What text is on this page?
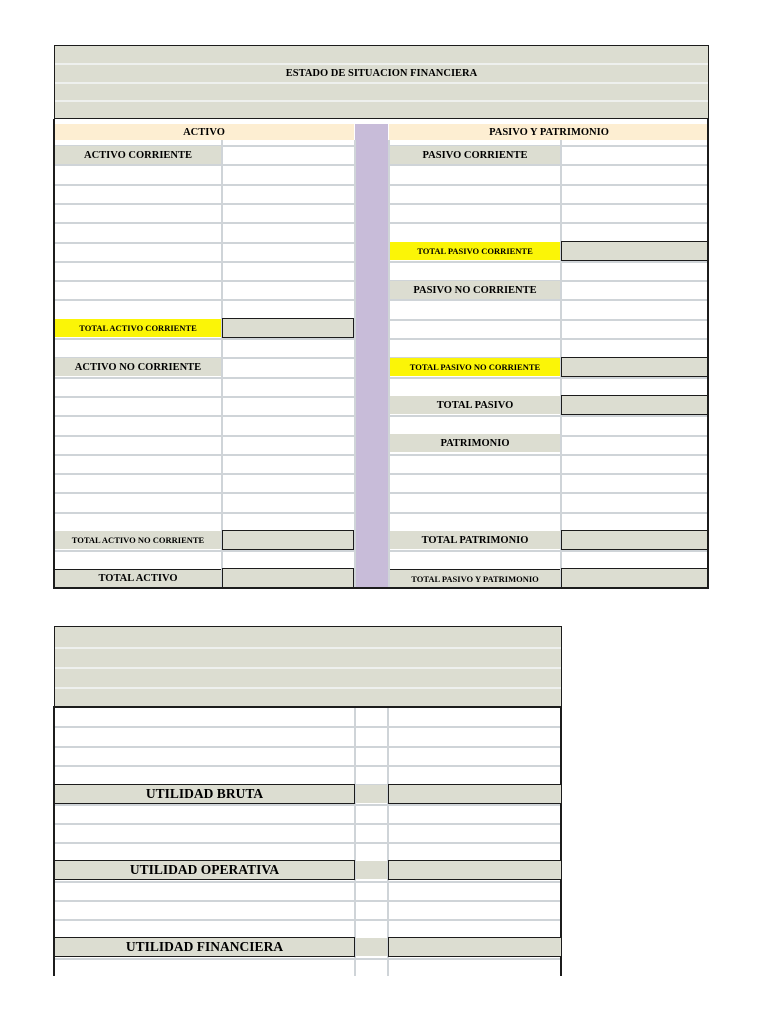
ESTADO DE SITUACION FINANCIERA
ACTIVO	PASIVO Y PATRIMONIO
ACTIVO CORRIENTE
TOTAL ACTIVO CORRIENTE
ACTIVO NO CORRIENTE
TOTAL ACTIVO NO CORRIENTE
TOTAL ACTIVO
PASIVO CORRIENTE
TOTAL PASIVO CORRIENTE
PASIVO NO CORRIENTE
TOTAL PASIVO NO CORRIENTE
TOTAL PASIVO
PATRIMONIO
TOTAL PATRIMONIO
TOTAL PASIVO Y PATRIMONIO
UTILIDAD BRUTA
UTILIDAD OPERATIVA
UTILIDAD FINANCIERA
